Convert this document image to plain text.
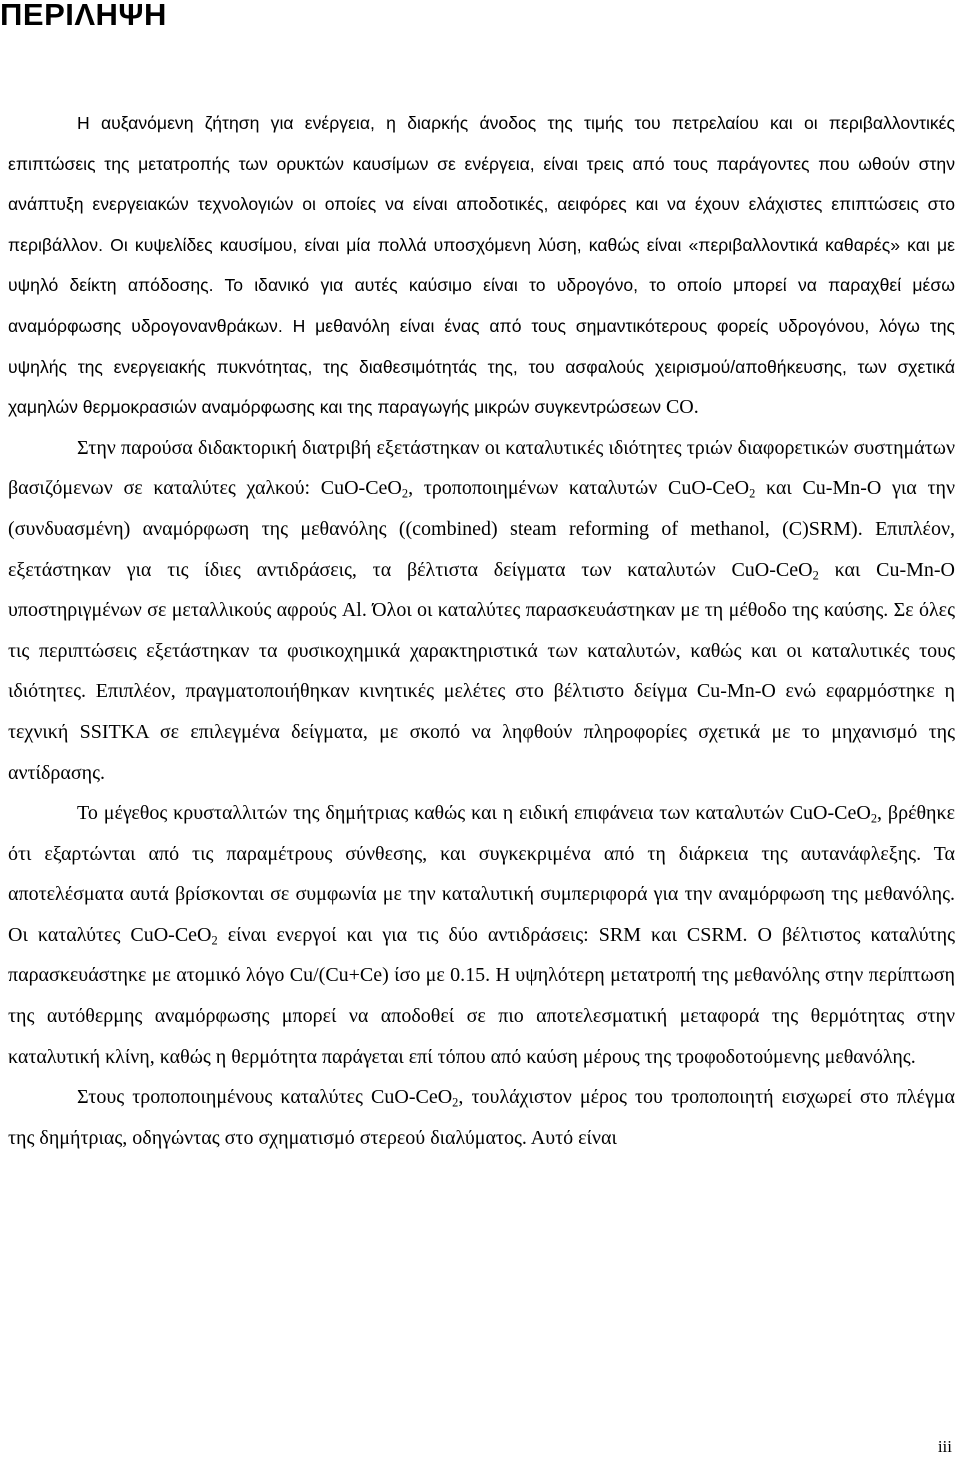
ΠΕΡΙΛΗΨΗ

Η αυξανόμενη ζήτηση για ενέργεια, η διαρκής άνοδος της τιμής του πετρελαίου και οι περιβαλλοντικές επιπτώσεις της μετατροπής των ορυκτών καυσίμων σε ενέργεια, είναι τρεις από τους παράγοντες που ωθούν στην ανάπτυξη ενεργειακών τεχνολογιών οι οποίες να είναι αποδοτικές, αειφόρες και να έχουν ελάχιστες επιπτώσεις στο περιβάλλον. Οι κυψελίδες καυσίμου, είναι μία πολλά υποσχόμενη λύση, καθώς είναι «περιβαλλοντικά καθαρές» και με υψηλό δείκτη απόδοσης. Το ιδανικό για αυτές καύσιμο είναι το υδρογόνο, το οποίο μπορεί να παραχθεί μέσω αναμόρφωσης υδρογονανθράκων. Η μεθανόλη είναι ένας από τους σημαντικότερους φορείς υδρογόνου, λόγω της υψηλής της ενεργειακής πυκνότητας, της διαθεσιμότητάς της, του ασφαλούς χειρισμού/αποθήκευσης, των σχετικά χαμηλών θερμοκρασιών αναμόρφωσης και της παραγωγής μικρών συγκεντρώσεων CO.

Στην παρούσα διδακτορική διατριβή εξετάστηκαν οι καταλυτικές ιδιότητες τριών διαφορετικών συστημάτων βασιζόμενων σε καταλύτες χαλκού: CuO-CeO$_2$, τροποποιημένων καταλυτών CuO-CeO$_2$ και Cu-Mn-O για την (συνδυασμένη) αναμόρφωση της μεθανόλης ((combined) steam reforming of methanol, (C)SRM). Επιπλέον, εξετάστηκαν για τις ίδιες αντιδράσεις, τα βέλτιστα δείγματα των καταλυτών CuO-CeO$_2$ και Cu-Mn-O υποστηριγμένων σε μεταλλικούς αφρούς Al. Όλοι οι καταλύτες παρασκευάστηκαν με τη μέθοδο της καύσης. Σε όλες τις περιπτώσεις εξετάστηκαν τα φυσικοχημικά χαρακτηριστικά των καταλυτών, καθώς και οι καταλυτικές τους ιδιότητες. Επιπλέον, πραγματοποιήθηκαν κινητικές μελέτες στο βέλτιστο δείγμα Cu-Mn-O ενώ εφαρμόστηκε η τεχνική SSITKA σε επιλεγμένα δείγματα, με σκοπό να ληφθούν πληροφορίες σχετικά με το μηχανισμό της αντίδρασης.

Το μέγεθος κρυσταλλιτών της δημήτριας καθώς και η ειδική επιφάνεια των καταλυτών CuO-CeO$_2$, βρέθηκε ότι εξαρτώνται από τις παραμέτρους σύνθεσης, και συγκεκριμένα από τη διάρκεια της αυτανάφλεξης. Τα αποτελέσματα αυτά βρίσκονται σε συμφωνία με την καταλυτική συμπεριφορά για την αναμόρφωση της μεθανόλης. Οι καταλύτες CuO-CeO$_2$ είναι ενεργοί και για τις δύο αντιδράσεις: SRM και CSRM. Ο βέλτιστος καταλύτης παρασκευάστηκε με ατομικό λόγο Cu/(Cu+Ce) ίσο με 0.15. Η υψηλότερη μετατροπή της μεθανόλης στην περίπτωση της αυτόθερμης αναμόρφωσης μπορεί να αποδοθεί σε πιο αποτελεσματική μεταφορά της θερμότητας στην καταλυτική κλίνη, καθώς η θερμότητα παράγεται επί τόπου από καύση μέρους της τροφοδοτούμενης μεθανόλης.

Στους τροποποιημένους καταλύτες CuO-CeO$_2$, τουλάχιστον μέρος του τροποποιητή εισχωρεί στο πλέγμα της δημήτριας, οδηγώντας στο σχηματισμό στερεού διαλύματος. Αυτό είναι

iii
